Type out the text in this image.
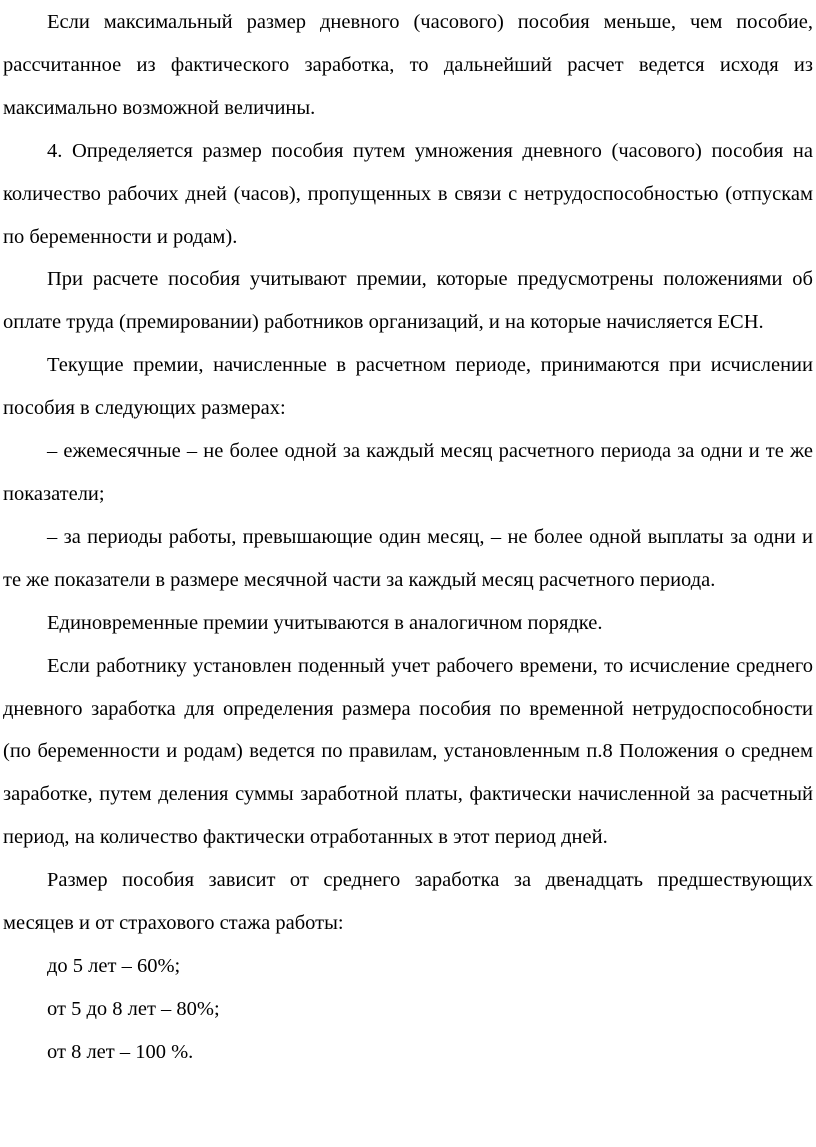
Если максимальный размер дневного (часового) пособия меньше, чем пособие, рассчитанное из фактического заработка, то дальнейший расчет ведется исходя из максимально возможной величины.

4. Определяется размер пособия путем умножения дневного (часового) пособия на количество рабочих дней (часов), пропущенных в связи с нетрудоспособностью (отпускам по беременности и родам).

При расчете пособия учитывают премии, которые предусмотрены положениями об оплате труда (премировании) работников организаций, и на которые начисляется ЕСН.

Текущие премии, начисленные в расчетном периоде, принимаются при исчислении пособия в следующих размерах:

– ежемесячные – не более одной за каждый месяц расчетного периода за одни и те же показатели;

– за периоды работы, превышающие один месяц, – не более одной выплаты за одни и те же показатели в размере месячной части за каждый месяц расчетного периода.

Единовременные премии учитываются в аналогичном порядке.

Если работнику установлен поденный учет рабочего времени, то исчисление среднего дневного заработка для определения размера пособия по временной нетрудоспособности (по беременности и родам) ведется по правилам, установленным п.8 Положения о среднем заработке, путем деления суммы заработной платы, фактически начисленной за расчетный период, на количество фактически отработанных в этот период дней.

Размер пособия зависит от среднего заработка за двенадцать предшествующих месяцев и от страхового стажа работы:

до 5 лет – 60%;

от 5 до 8 лет – 80%;

от 8 лет – 100 %.
